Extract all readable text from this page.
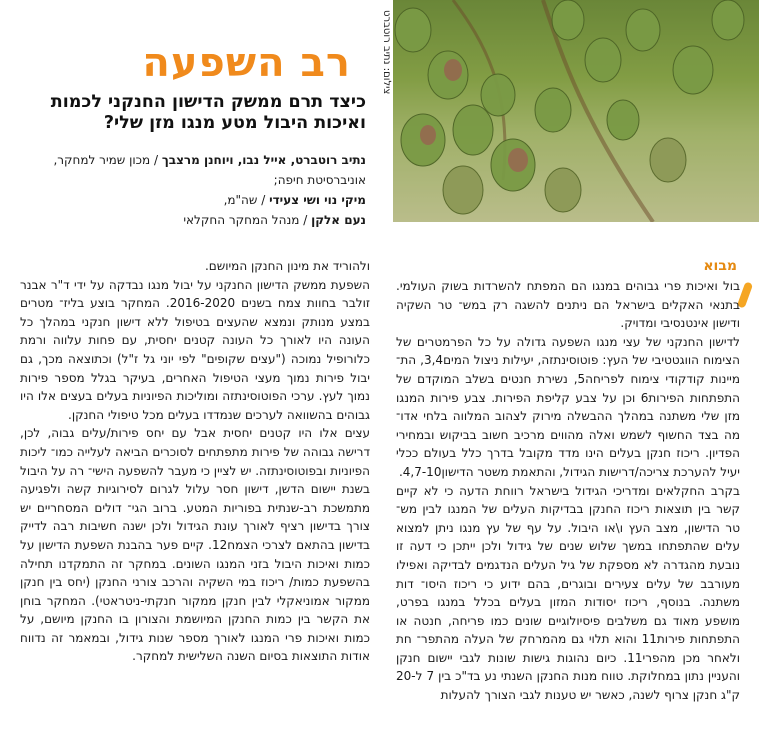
צילום: נתיב רוטברט
רב השפעה
כיצד תרם ממשק הדישון החנקני לכמות ואיכות היבול מטע מנגו מזן שלי?
נתיב רוטברט, אייל נבו, ויוחנן מרצבך / מכון שמיר למחקר, אוניברסיטת חיפה;
מיקי נוי ושי צעידי / שה"מ,
נעם אלקן / מנהל המחקר החקלאי
מבוא

בול ואיכות פרי גבוהים במנגו הם המפתח להשרדות בשוק העולמי. בתנאי האקלים בישראל הם ניתנים להשגה רק במש־ טר השקיה ודישון אינטנסיבי ומדויק.

לדישון החנקני של עצי מנגו השפעה גדולה על כל הפרמטרים של הצימוח הווגטטיבי של העץ: פוטוסינתזה, יעילות ניצול המים3,4, הת־ מיינות קודקודי צימוח לפריחה5, נשירת חנטים בשלב המוקדם של התפתחות הפירות6 וכן על צבע קליפת הפירות. צבע פירות המנגו מזן שלי משתנה במהלך ההבשלה מירוק לצהוב המלווה בלחי אדו־ מה בצד החשוף לשמש ואלה מהווים מרכיב חשוב בביקוש ובמחירי הפדיון. ריכוז חנקן בעלים הינו מדד מקובל בדרך כלל בעולם ככלי יעיל להערכת צריכה/דרישות הגידול, והתאמת משטר הדישון4,7-10.

בקרב החקלאים ומדריכי הגידול בישראל רווחת הדעה כי לא קיים קשר בין תוצאות ריכוז החנקן בבדיקות העלים של המנגו לבין מש־ טר הדישון, מצב העץ ו\או היבול. על עף של עץ מנגו ניתן למצוא עלים שהתפתחו במשך שלוש שנים של גידול ולכן ייתכן כי דעה זו נובעת מהגדרה לא מספקת של גיל העלים הנדגמים לבדיקה ואפילו מעורבב של עלים צעירים ובוגרים, בהם ידוע כי ריכוז היסו־ דות משתנה. בנוסף, ריכוז יסודות המזון בעלים בכלל במנגו בפרט, מושפע מאוד גם משלבים פיסיולוגיים שונים כמו פריחה, חנטה או התפתחות פירות11 והוא תלוי גם מהמרחק של העלה מהתפר־ חת ולאחר מכן מהפרי11. כיום נהוגות גישות שונות לגבי יישום חנקן והעניין נתון במחלוקת. טווח מנות החנקן השנתי נע בד"כ בין 7 ל-20 ק"ג חנקן צרוף לשנה, כאשר יש טענות לגבי הצורך להעלות

ולהוריד את מינון החנקן המיושם.

השפעת ממשק הדישון החנקני על יבול מנגו נבדקה על ידי ד"ר אבנר זולבר בחוות צמח בשנים 2016-2020. המחקר בוצע בליז־ מטרים במצע מנותק ונמצא שהעצים בטיפול ללא דישון חנקני במהלך כל העונה היו לאורך כל העונה קטנים יחסית, עם פחות עלווה ורמת כלורופיל נמוכה ("עצים שקופים" לפי יוני גל ז"ל) וכתוצאה מכך, גם יבול פירות נמוך מעצי הטיפול האחרים, בעיקר בגלל מספר פירות נמוך לעץ. ערכי הפוטוסינתזה ומוליכות הפיוניות בעלים בעצים אלו היו גבוהים בהשוואה לערכים שנמדדו בעלים מכל טיפולי החנקן.

עצים אלו היו קטנים יחסית אבל עם יחס פירות/עלים גבוה, לכן, דרישה גבוהה של פירות מתפתחים לסוכרים הביאה לעלייה כמו־ ליכות הפיוניות ובפוטוסינתזה. יש לציין כי מעבר להשפעה הישי־ רה על היבול בשנת יישום הדשן, דישון חסר עלול לגרום לסירוגיות קשה ולפגיעה מתמשכת רב-שנתית בפוריות המטע. ברוב הגי־ דולים המסחריים יש צורך בדישון רציף לאורך עונת הגידול ולכן ישנה חשיבות רבה לדייק בדישון בהתאם לצרכי הצמח12. קיים פער בהבנת השפעת הדישון על כמות ואיכות היבול בזני המנגו השונים. במחקר זה התמקדנו תחילה בהשפעת כמות/ ריכוז במי השקיה והרכב צורני החנקן (יחס בין חנקן ממקור אמוניאקלי לבין חנקן ממקור חנקתי-ניטראטי). המחקר בוחן את הקשר בין כמות החנקן המיושמת והצורון בו החנקן מיושם, על כמות ואיכות פרי המנגו לאורך מספר שנות גידול, ובמאמר זה נדווח אודות התוצאות בסיום השנה השלישית למחקר.
